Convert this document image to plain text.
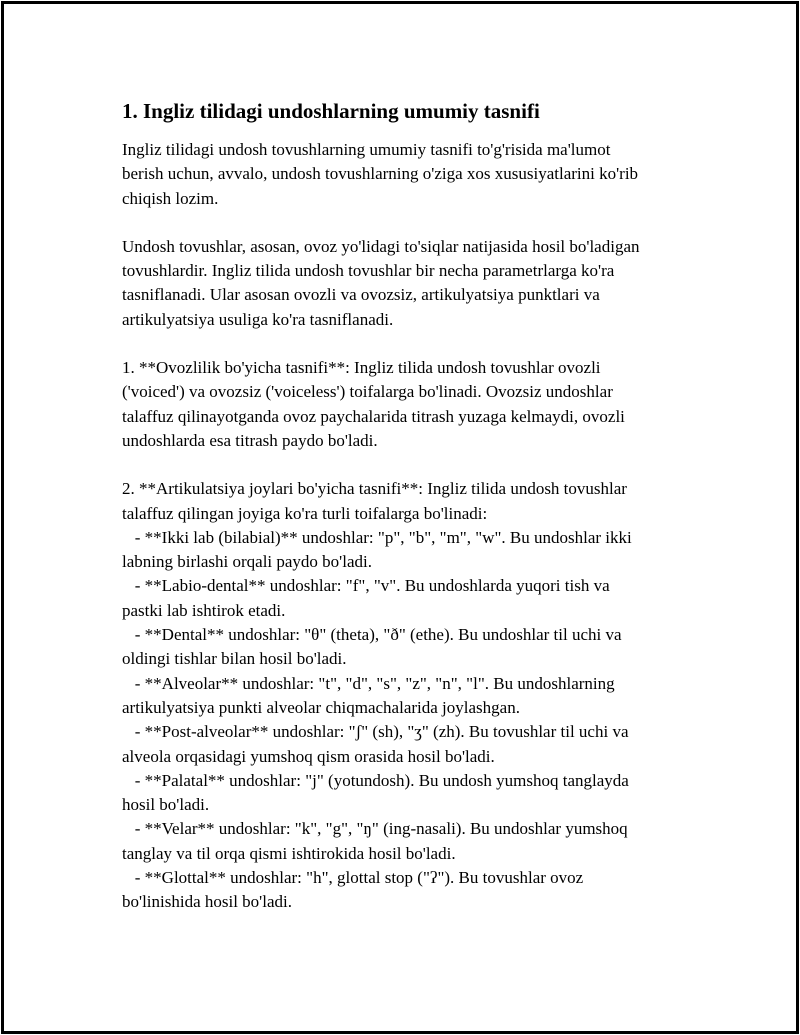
1. Ingliz tilidagi undoshlarning umumiy tasnifi

Ingliz tilidagi undosh tovushlarning umumiy tasnifi to'g'risida ma'lumot
berish uchun, avvalo, undosh tovushlarning o'ziga xos xususiyatlarini ko'rib
chiqish lozim.

Undosh tovushlar, asosan, ovoz yo'lidagi to'siqlar natijasida hosil bo'ladigan
tovushlardir. Ingliz tilida undosh tovushlar bir necha parametrlarga ko'ra
tasniflanadi. Ular asosan ovozli va ovozsiz, artikulyatsiya punktlari va
artikulyatsiya usuliga ko'ra tasniflanadi.

1. **Ovozlilik bo'yicha tasnifi**: Ingliz tilida undosh tovushlar ovozli
('voiced') va ovozsiz ('voiceless') toifalarga bo'linadi. Ovozsiz undoshlar
talaffuz qilinayotganda ovoz paychalarida titrash yuzaga kelmaydi, ovozli
undoshlarda esa titrash paydo bo'ladi.

2. **Artikulatsiya joylari bo'yicha tasnifi**: Ingliz tilida undosh tovushlar
talaffuz qilingan joyiga ko'ra turli toifalarga bo'linadi:
- **Ikki lab (bilabial)** undoshlar: "p", "b", "m", "w". Bu undoshlar ikki
labning birlashi orqali paydo bo'ladi.
- **Labio-dental** undoshlar: "f", "v". Bu undoshlarda yuqori tish va
pastki lab ishtirok etadi.
- **Dental** undoshlar: "θ" (theta), "ð" (ethe). Bu undoshlar til uchi va
oldingi tishlar bilan hosil bo'ladi.
- **Alveolar** undoshlar: "t", "d", "s", "z", "n", "l". Bu undoshlarning
artikulyatsiya punkti alveolar chiqmachalarida joylashgan.
- **Post-alveolar** undoshlar: "ʃ" (sh), "ʒ" (zh). Bu tovushlar til uchi va
alveola orqasidagi yumshoq qism orasida hosil bo'ladi.
- **Palatal** undoshlar: "j" (yotundosh). Bu undosh yumshoq tanglayda
hosil bo'ladi.
- **Velar** undoshlar: "k", "g", "ŋ" (ing-nasali). Bu undoshlar yumshoq
tanglay va til orqa qismi ishtirokida hosil bo'ladi.
- **Glottal** undoshlar: "h", glottal stop ("ʔ"). Bu tovushlar ovoz
bo'linishida hosil bo'ladi.
